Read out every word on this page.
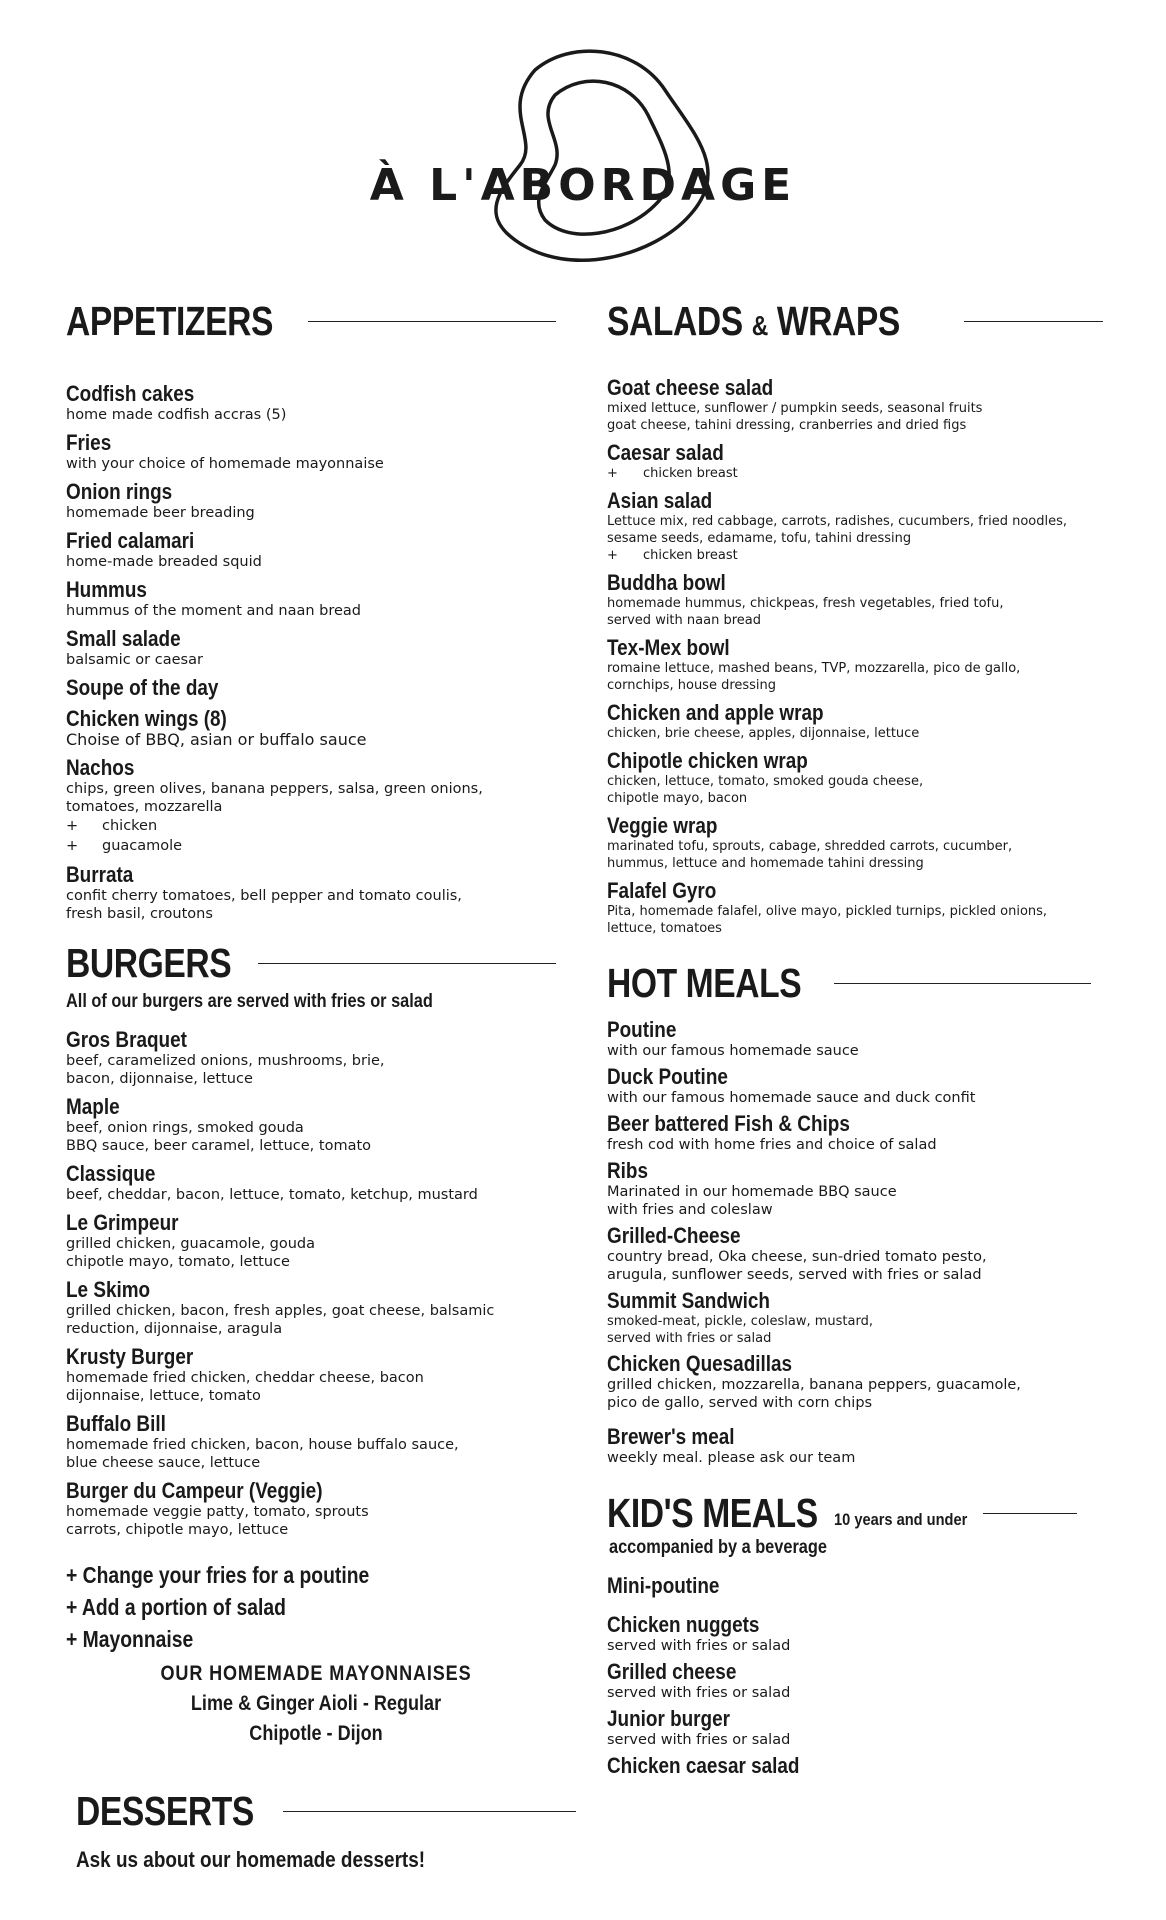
À L'ABORDAGE
APPETIZERS
Codfish cakes
home made codfish accras (5)
Fries
with your choice of homemade mayonnaise
Onion rings
homemade beer breading
Fried calamari
home-made breaded squid
Hummus
hummus of the moment and naan bread
Small salade
balsamic or caesar
Soupe of the day
Chicken wings (8)
Choise of BBQ, asian or buffalo sauce
Nachos
chips, green olives, banana peppers, salsa, green onions,
tomatoes, mozzarella
+	chicken
+	guacamole
Burrata
confit cherry tomatoes, bell pepper and tomato coulis,
fresh basil, croutons
BURGERS
All of our burgers are served with fries or salad
Gros Braquet
beef, caramelized onions, mushrooms, brie,
bacon, dijonnaise, lettuce
Maple
beef, onion rings, smoked gouda
BBQ sauce, beer caramel, lettuce, tomato
Classique
beef, cheddar, bacon, lettuce, tomato, ketchup, mustard
Le Grimpeur
grilled chicken, guacamole, gouda
chipotle mayo, tomato, lettuce
Le Skimo
grilled chicken, bacon, fresh apples, goat cheese, balsamic
reduction, dijonnaise, aragula
Krusty Burger
homemade fried chicken, cheddar cheese, bacon
dijonnaise, lettuce, tomato
Buffalo Bill
homemade fried chicken, bacon, house buffalo sauce,
blue cheese sauce, lettuce
Burger du Campeur (Veggie)
homemade veggie patty, tomato, sprouts
carrots, chipotle mayo, lettuce
+ Change your fries for a poutine
+ Add a portion of salad
+ Mayonnaise
OUR HOMEMADE MAYONNAISES
Lime & Ginger Aioli - Regular
Chipotle - Dijon
DESSERTS
Ask us about our homemade desserts!
SALADS & WRAPS
Goat cheese salad
mixed lettuce, sunflower / pumpkin seeds, seasonal fruits
goat cheese, tahini dressing, cranberries and dried figs
Caesar salad
+	chicken breast
Asian salad
Lettuce mix, red cabbage, carrots, radishes, cucumbers, fried noodles,
sesame seeds, edamame, tofu, tahini dressing
+	chicken breast
Buddha bowl
homemade hummus, chickpeas, fresh vegetables, fried tofu,
served with naan bread
Tex-Mex bowl
romaine lettuce, mashed beans, TVP, mozzarella, pico de gallo,
cornchips, house dressing
Chicken and apple wrap
chicken, brie cheese, apples, dijonnaise, lettuce
Chipotle chicken wrap
chicken, lettuce, tomato, smoked gouda cheese,
chipotle mayo, bacon
Veggie wrap
marinated tofu, sprouts, cabage, shredded carrots, cucumber,
hummus, lettuce and homemade tahini dressing
Falafel Gyro
Pita, homemade falafel, olive mayo, pickled turnips, pickled onions,
lettuce, tomatoes
HOT MEALS
Poutine
with our famous homemade sauce
Duck Poutine
with our famous homemade sauce and duck confit
Beer battered Fish & Chips
fresh cod with home fries and choice of salad
Ribs
Marinated in our homemade BBQ sauce
with fries and coleslaw
Grilled-Cheese
country bread, Oka cheese, sun-dried tomato pesto,
arugula, sunflower seeds, served with fries or salad
Summit Sandwich
smoked-meat, pickle, coleslaw, mustard,
served with fries or salad
Chicken Quesadillas
grilled chicken, mozzarella, banana peppers, guacamole,
pico de gallo, served with corn chips
Brewer's meal
weekly meal. please ask our team
KID'S MEALS 10 years and under
accompanied by a beverage
Mini-poutine
Chicken nuggets
served with fries or salad
Grilled cheese
served with fries or salad
Junior burger
served with fries or salad
Chicken caesar salad
